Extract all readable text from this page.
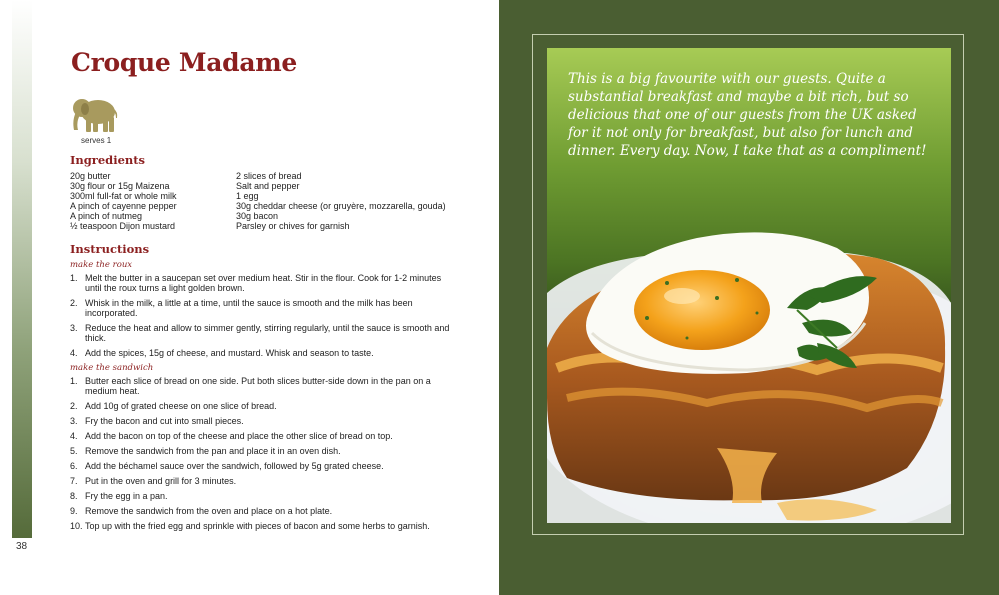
38
Croque Madame
serves 1
Ingredients
20g butter
30g flour or 15g Maizena
300ml full-fat or whole milk
A pinch of cayenne pepper
A pinch of nutmeg
½ teaspoon Dijon mustard
2 slices of bread
Salt and pepper
1 egg
30g cheddar cheese (or gruyère, mozzarella, gouda)
30g bacon
Parsley or chives for garnish
Instructions
make the roux
1. Melt the butter in a saucepan set over medium heat. Stir in the flour. Cook for 1-2 minutes until the roux turns a light golden brown.
2. Whisk in the milk, a little at a time, until the sauce is smooth and the milk has been incorporated.
3. Reduce the heat and allow to simmer gently, stirring regularly, until the sauce is smooth and thick.
4. Add the spices, 15g of cheese, and mustard. Whisk and season to taste.
make the sandwich
1. Butter each slice of bread on one side. Put both slices butter-side down in the pan on a medium heat.
2. Add 10g of grated cheese on one slice of bread.
3. Fry the bacon and cut into small pieces.
4. Add the bacon on top of the cheese and place the other slice of bread on top.
5. Remove the sandwich from the pan and place it in an oven dish.
6. Add the béchamel sauce over the sandwich, followed by 5g grated cheese.
7. Put in the oven and grill for 3 minutes.
8. Fry the egg in a pan.
9. Remove the sandwich from the oven and place on a hot plate.
10. Top up with the fried egg and sprinkle with pieces of bacon and some herbs to garnish.

This is a big favourite with our guests. Quite a substantial breakfast and maybe a bit rich, but so delicious that one of our guests from the UK asked for it not only for breakfast, but also for lunch and dinner. Every day. Now, I take that as a compliment!
